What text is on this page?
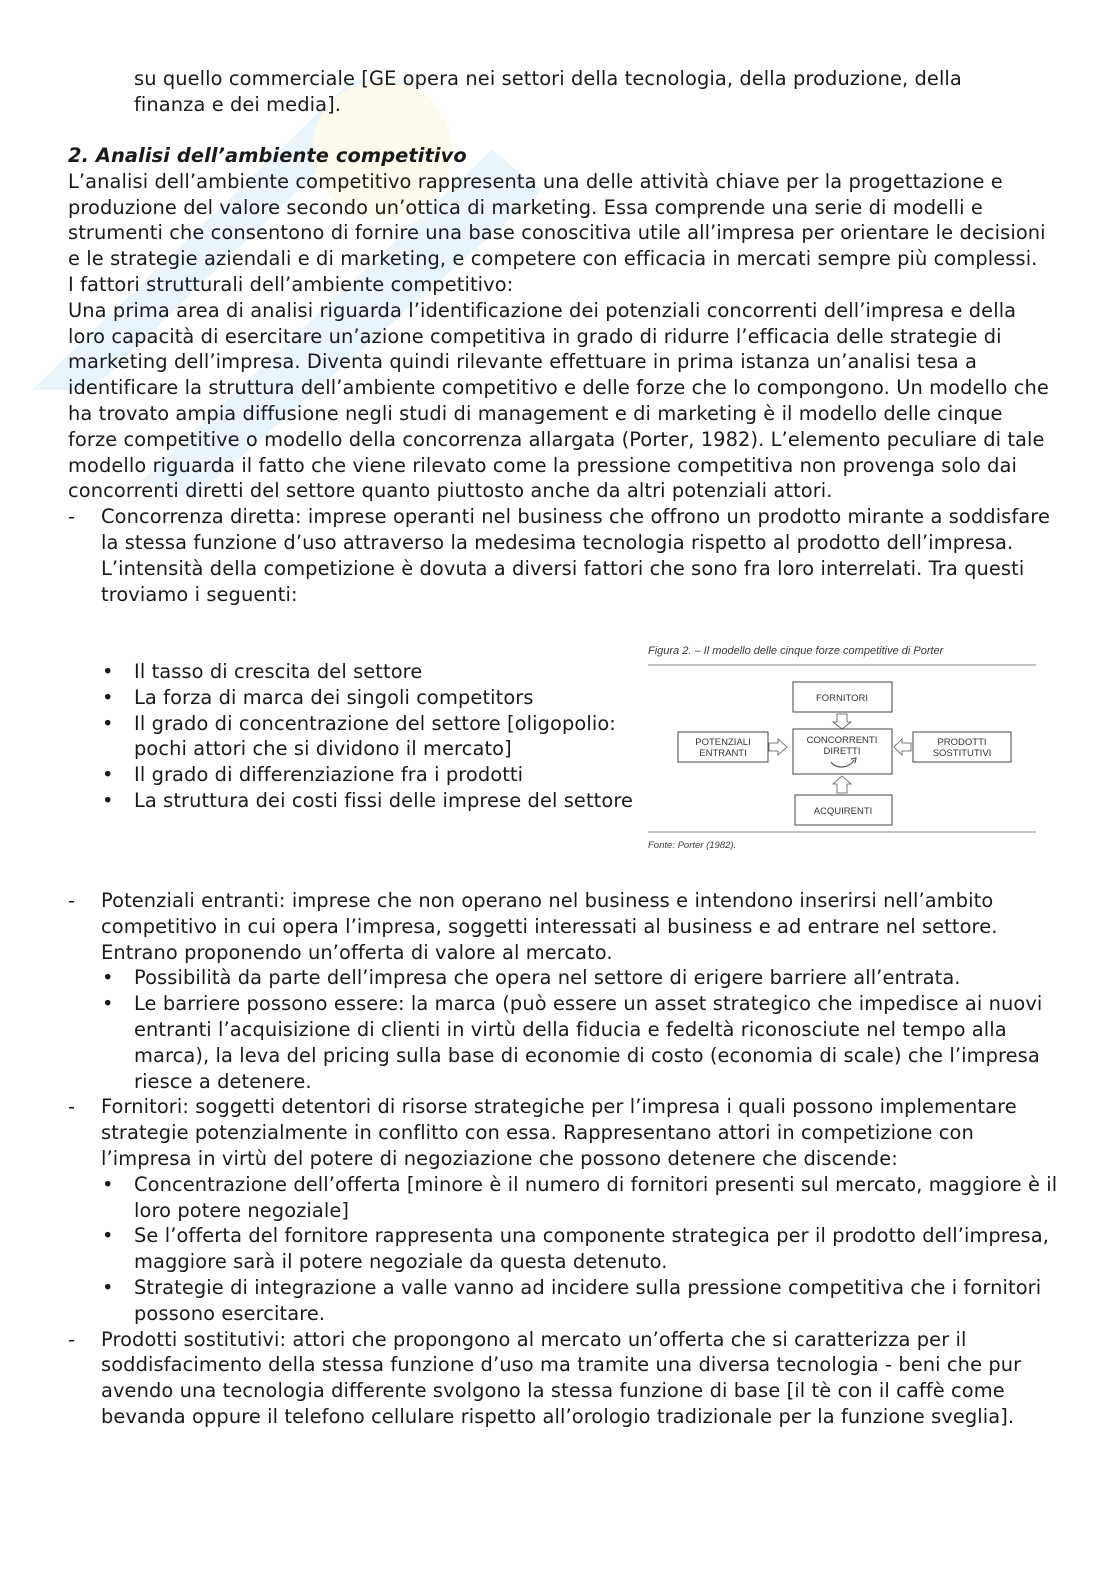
su quello commerciale [GE opera nei settori della tecnologia, della produzione, della

finanza e dei media].

2. Analisi dell’ambiente competitivo

L’analisi dell’ambiente competitivo rappresenta una delle attività chiave per la progettazione e produzione del valore secondo un’ottica di marketing. Essa comprende una serie di modelli e strumenti che consentono di fornire una base conoscitiva utile all’impresa per orientare le decisioni e le strategie aziendali e di marketing, e competere con efficacia in mercati sempre più complessi.

I fattori strutturali dell’ambiente competitivo:

Una prima area di analisi riguarda l’identificazione dei potenziali concorrenti dell’impresa e della loro capacità di esercitare un’azione competitiva in grado di ridurre l’efficacia delle strategie di marketing dell’impresa. Diventa quindi rilevante effettuare in prima istanza un’analisi tesa a identificare la struttura dell’ambiente competitivo e delle forze che lo compongono. Un modello che ha trovato ampia diffusione negli studi di management e di marketing è il modello delle cinque forze competitive o modello della concorrenza allargata (Porter, 1982). L’elemento peculiare di tale modello riguarda il fatto che viene rilevato come la pressione competitiva non provenga solo dai concorrenti diretti del settore quanto piuttosto anche da altri potenziali attori.

- Concorrenza diretta: imprese operanti nel business che offrono un prodotto mirante a soddisfare la stessa funzione d’uso attraverso la medesima tecnologia rispetto al prodotto dell’impresa. L’intensità della competizione è dovuta a diversi fattori che sono fra loro interrelati. Tra questi troviamo i seguenti:

• Il tasso di crescita del settore

• La forza di marca dei singoli competitors

• Il grado di concentrazione del settore [oligopolio: pochi attori che si dividono il mercato]

• Il grado di differenziazione fra i prodotti

• La struttura dei costi fissi delle imprese del settore

FORNITORI
CONCORRENTI
DIRETTI
POTENZIALI
ENTRANTI
PRODOTTI
SOSTITUTIVI
ACQUIRENTI
Figura 2. – Il modello delle cinque forze competitive di Porter
Fonte: Porter (1982).

- Potenziali entranti: imprese che non operano nel business e intendono inserirsi nell’ambito competitivo in cui opera l’impresa, soggetti interessati al business e ad entrare nel settore. Entrano proponendo un’offerta di valore al mercato.

• Possibilità da parte dell’impresa che opera nel settore di erigere barriere all’entrata.

• Le barriere possono essere: la marca (può essere un asset strategico che impedisce ai nuovi entranti l’acquisizione di clienti in virtù della fiducia e fedeltà riconosciute nel tempo alla marca), la leva del pricing sulla base di economie di costo (economia di scale) che l’impresa riesce a detenere.

- Fornitori: soggetti detentori di risorse strategiche per l’impresa i quali possono implementare strategie potenzialmente in conflitto con essa. Rappresentano attori in competizione con l’impresa in virtù del potere di negoziazione che possono detenere che discende:

• Concentrazione dell’offerta [minore è il numero di fornitori presenti sul mercato, maggiore è il loro potere negoziale]

• Se l’offerta del fornitore rappresenta una componente strategica per il prodotto dell’impresa, maggiore sarà il potere negoziale da questa detenuto.

• Strategie di integrazione a valle vanno ad incidere sulla pressione competitiva che i fornitori possono esercitare.

- Prodotti sostitutivi: attori che propongono al mercato un’offerta che si caratterizza per il soddisfacimento della stessa funzione d’uso ma tramite una diversa tecnologia - beni che pur avendo una tecnologia differente svolgono la stessa funzione di base [il tè con il caffè come bevanda oppure il telefono cellulare rispetto all’orologio tradizionale per la funzione sveglia].
